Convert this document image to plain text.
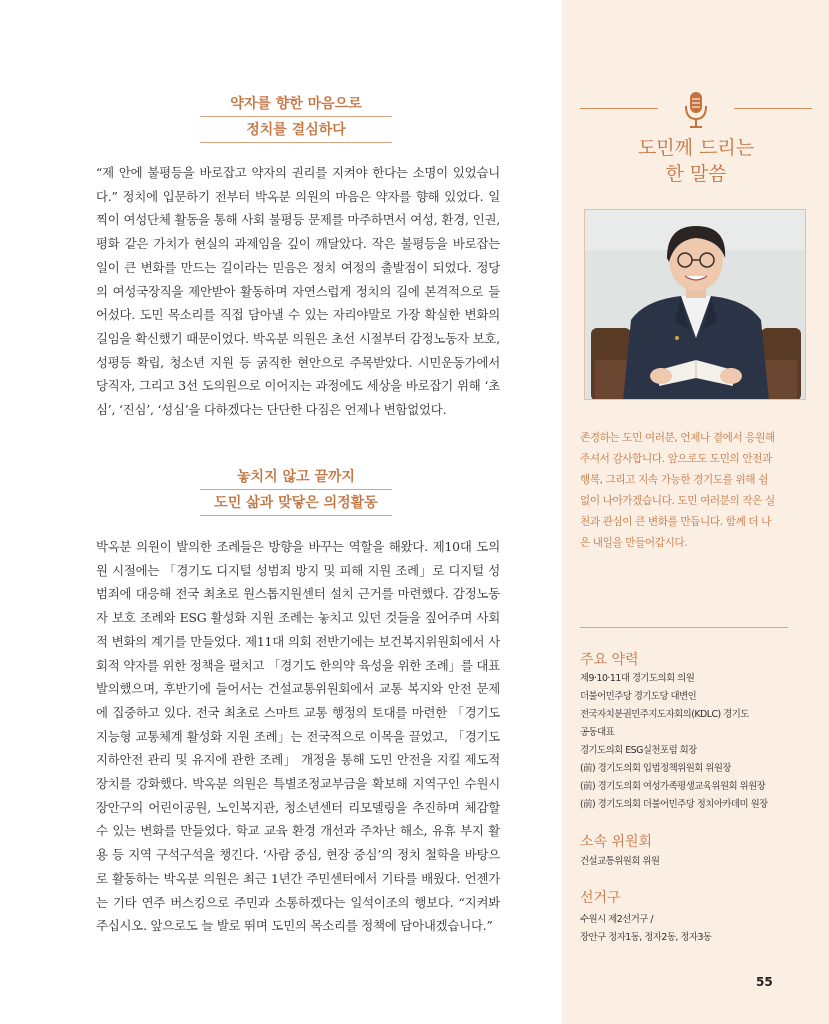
약자를 향한 마음으로
정치를 결심하다

“제 안에 불평등을 바로잡고 약자의 권리를 지켜야 한다는 소명이 있었습니다.” 정치에 입문하기 전부터 박옥분 의원의 마음은 약자를 향해 있었다. 일찍이 여성단체 활동을 통해 사회 불평등 문제를 마주하면서 여성, 환경, 인권, 평화 같은 가치가 현실의 과제임을 깊이 깨달았다. 작은 불평등을 바로잡는 일이 큰 변화를 만드는 길이라는 믿음은 정치 여정의 출발점이 되었다. 정당의 여성국장직을 제안받아 활동하며 자연스럽게 정치의 길에 본격적으로 들어섰다. 도민 목소리를 직접 담아낼 수 있는 자리야말로 가장 확실한 변화의 길임을 확신했기 때문이었다. 박옥분 의원은 초선 시절부터 감정노동자 보호, 성평등 확립, 청소년 지원 등 굵직한 현안으로 주목받았다. 시민운동가에서 당직자, 그리고 3선 도의원으로 이어지는 과정에도 세상을 바로잡기 위해 ‘초심’, ‘진심’, ‘성심’을 다하겠다는 단단한 다짐은 언제나 변함없었다.

놓치지 않고 끝까지
도민 삶과 맞닿은 의정활동

박옥분 의원이 발의한 조례들은 방향을 바꾸는 역할을 해왔다. 제10대 도의원 시절에는 「경기도 디지털 성범죄 방지 및 피해 지원 조례」로 디지털 성범죄에 대응해 전국 최초로 원스톱지원센터 설치 근거를 마련했다. 감정노동자 보호 조례와 ESG 활성화 지원 조례는 놓치고 있던 것들을 짚어주며 사회적 변화의 계기를 만들었다. 제11대 의회 전반기에는 보건복지위원회에서 사회적 약자를 위한 정책을 펼치고 「경기도 한의약 육성을 위한 조례」를 대표발의했으며, 후반기에 들어서는 건설교통위원회에서 교통 복지와 안전 문제에 집중하고 있다. 전국 최초로 스마트 교통 행정의 토대를 마련한 「경기도 지능형 교통체계 활성화 지원 조례」는 전국적으로 이목을 끌었고, 「경기도 지하안전 관리 및 유지에 관한 조례」 개정을 통해 도민 안전을 지킬 제도적 장치를 강화했다. 박옥분 의원은 특별조정교부금을 확보해 지역구인 수원시 장안구의 어린이공원, 노인복지관, 청소년센터 리모델링을 추진하며 체감할 수 있는 변화를 만들었다. 학교 교육 환경 개선과 주차난 해소, 유휴 부지 활용 등 지역 구석구석을 챙긴다. ‘사람 중심, 현장 중심’의 정치 철학을 바탕으로 활동하는 박옥분 의원은 최근 1년간 주민센터에서 기타를 배웠다. 언젠가는 기타 연주 버스킹으로 주민과 소통하겠다는 일석이조의 행보다. “지켜봐 주십시오. 앞으로도 늘 발로 뛰며 도민의 목소리를 정책에 담아내겠습니다.”

도민께 드리는
한 말씀

존경하는 도민 여러분, 언제나 곁에서 응원해 주셔서 감사합니다. 앞으로도 도민의 안전과 행복, 그리고 지속 가능한 경기도를 위해 쉼 없이 나아가겠습니다. 도민 여러분의 작은 실천과 관심이 큰 변화를 만듭니다. 함께 더 나은 내일을 만들어갑시다.

주요 약력
제9·10·11대 경기도의회 의원
더불어민주당 경기도당 대변인
전국자치분권민주지도자회의(KDLC) 경기도
공동대표
경기도의회 ESG실천포럼 회장
(前) 경기도의회 입법정책위원회 위원장
(前) 경기도의회 여성가족평생교육위원회 위원장
(前) 경기도의회 더불어민주당 정치아카데미 원장
소속 위원회
건설교통위원회 위원
선거구
수원시 제2선거구 /
장안구 정자1동, 정자2동, 정자3동
55
